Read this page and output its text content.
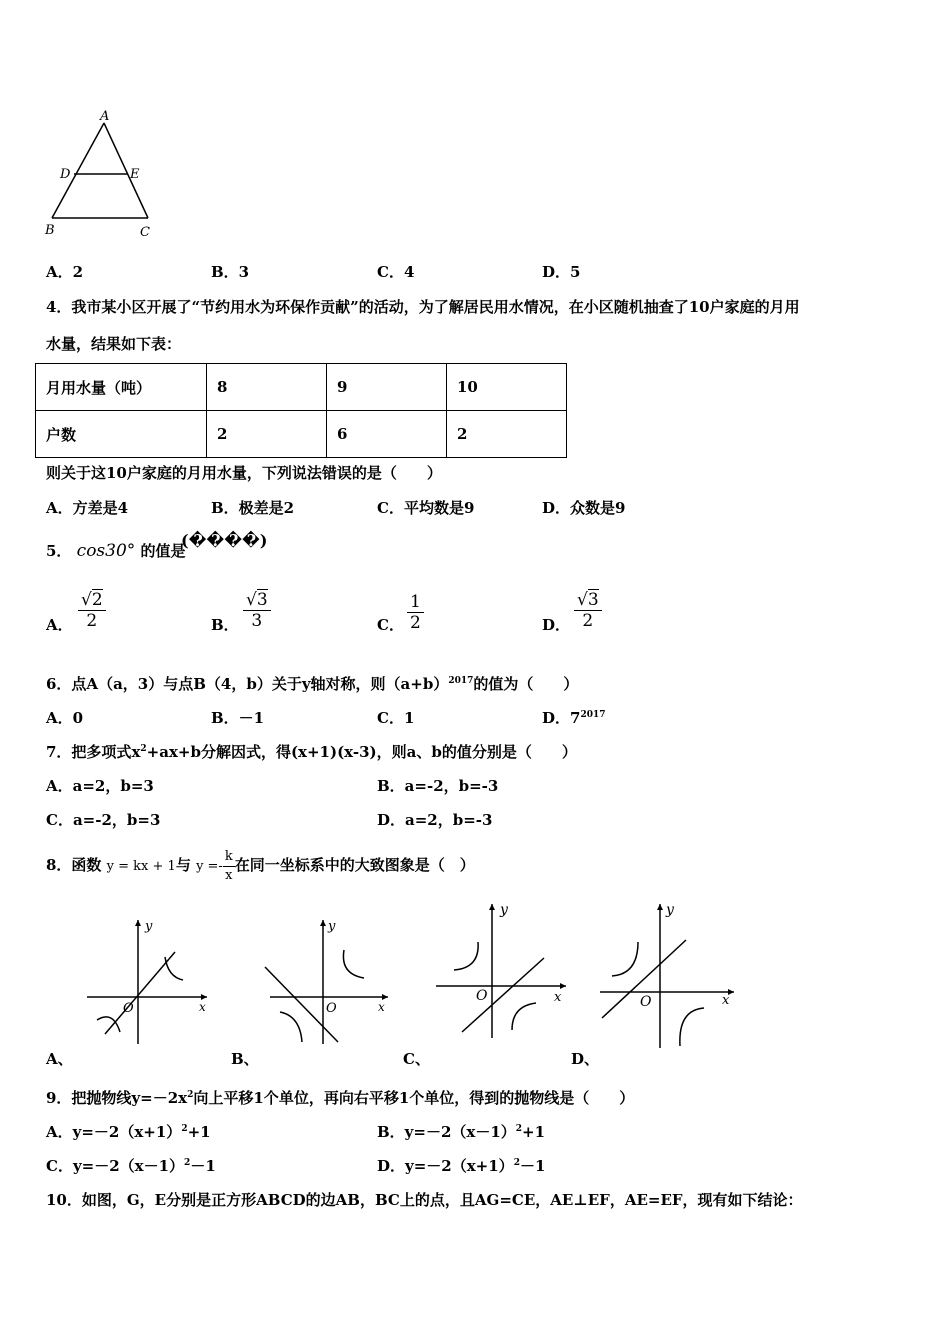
A
D	E
B	C
A．2	B．3	C．4	D．5
4．我市某小区开展了“节约用水为环保作贡献”的活动，为了解居民用水情况，在小区随机抽查了10户家庭的月用
水量，结果如下表：
月用水量（吨）	8	9	10
户数	2	6	2
则关于这10户家庭的月用水量，下列说法错误的是（　　）
A．方差是4	B．极差是2	C．平均数是9	D．众数是9
5． cos30° 的值是
(����)
A． $\frac{√2}{2}$	B． $\frac{√3}{3}$	C． $\frac{1}{2}$	D． $\frac{√3}{2}$
6．点A（a，3）与点B（4，b）关于y轴对称，则$(a+b)^{2017}$的值为（　　）
A．0	B．－1	C．1	D．$7^{2017}$
7．把多项式$x^2+ax+b$分解因式，得(x+1)(x-3)，则a、b的值分别是（　　）
A．a=2，b=3	B．a=-2，b=-3
C．a=-2，b=3	D．a=2，b=-3
8．函数 y = kx + 1与 $y =- \frac{k}{x}$ 在同一坐标系中的大致图象是（　）
y
x
O
A、
y
x
O
B、
y
x
O
C、
y
x
O
D、
9．把抛物线$y=-2x^2$向上平移1个单位，再向右平移1个单位，得到的抛物线是（　　）
A．$y=-2(x+1)^2+1$	B．$y=-2(x-1)^2+1$
C．$y=-2(x-1)^2-1$	D．$y=-2(x+1)^2-1$
10．如图，G，E分别是正方形ABCD的边AB，BC上的点，且AG=CE，AE⊥EF，AE=EF，现有如下结论：
